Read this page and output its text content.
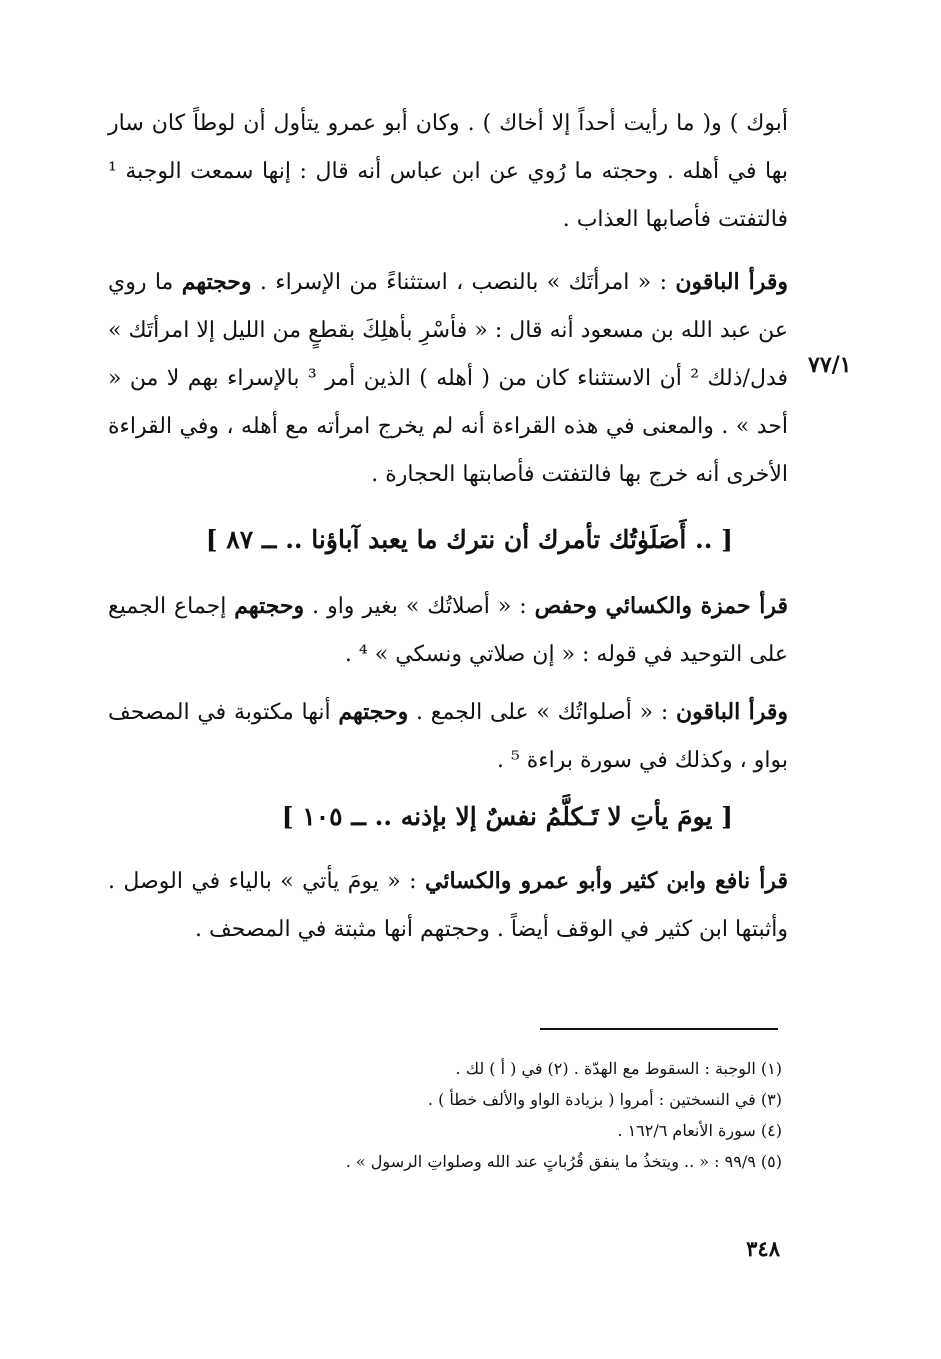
أبوك ) و( ما رأيت أحداً إلا أخاك ) . وكان أبو عمرو يتأول أن لوطاً كان سار بها في أهله . وحجته ما رُوي عن ابن عباس أنه قال : إنها سمعت الوجبة ¹ فالتفتت فأصابها العذاب .

وقرأ الباقون : « امرأتَك » بالنصب ، استثناءً من الإسراء . وحجتهم ما روي عن عبد الله بن مسعود أنه قال : « فأسْرِ بأهلِكَ بقطعٍ من الليل إلا امرأتَك » فدل/ذلك ² أن الاستثناء كان من ( أهله ) الذين أمر ³ بالإسراء بهم لا من « أحد » . والمعنى في هذه القراءة أنه لم يخرج امرأته مع أهله ، وفي القراءة الأخرى أنه خرج بها فالتفتت فأصابتها الحجارة .

٧٧/١
[ .. أَصَلَوٰتُك تأمرك أن نترك ما يعبد آباؤنا .. ــ ٨٧ ]

قرأ حمزة والكسائي وحفص : « أصلاتُك » بغير واو . وحجتهم إجماع الجميع على التوحيد في قوله : « إن صلاتي ونسكي » ⁴ .

وقرأ الباقون : « أصلواتُك » على الجمع . وحجتهم أنها مكتوبة في المصحف بواو ، وكذلك في سورة براءة ⁵ .

[ يومَ يأتِ لا تَـكلَّمُ نفسٌ إلا بإذنه .. ــ ١٠٥ ]

قرأ نافع وابن كثير وأبو عمرو والكسائي : « يومَ يأتي » بالياء في الوصل . وأثبتها ابن كثير في الوقف أيضاً . وحجتهم أنها مثبتة في المصحف .

(١) الوجبة : السقوط مع الهدّة . (٢) في ( أ ) لك .

(٣) في النسختين : أمروا ( بزيادة الواو والألف خطأ ) .

(٤) سورة الأنعام ١٦٢/٦ .

(٥) ٩٩/٩ : « .. ويتخذُ ما ينفق قُرُباتٍ عند الله وصلواتِ الرسول » .

٣٤٨
